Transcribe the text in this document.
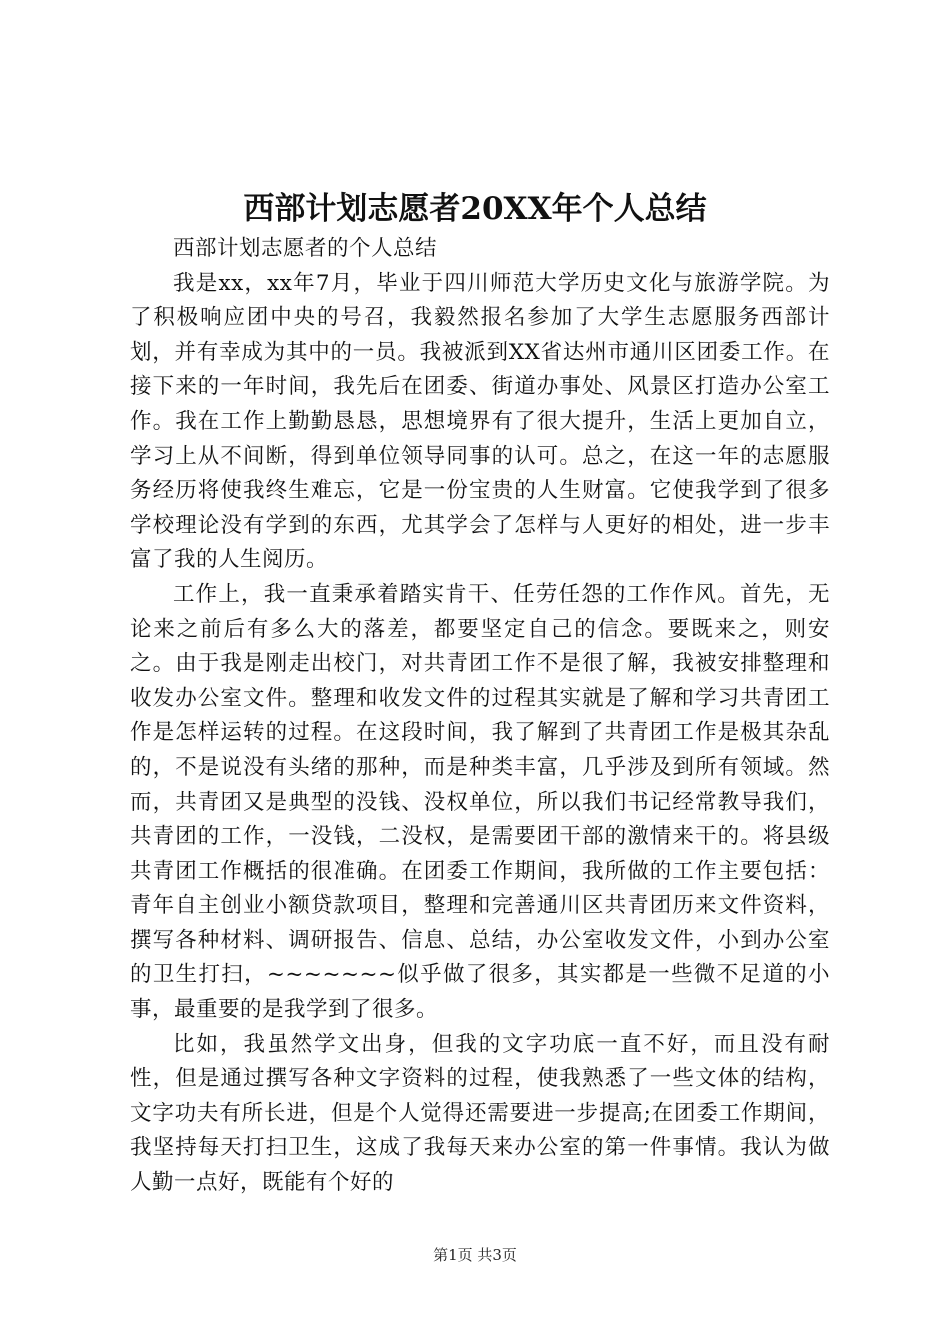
西部计划志愿者20XX年个人总结

西部计划志愿者的个人总结

我是xx，xx年7月，毕业于四川师范大学历史文化与旅游学院。为了积极响应团中央的号召，我毅然报名参加了大学生志愿服务西部计划，并有幸成为其中的一员。我被派到XX省达州市通川区团委工作。在接下来的一年时间，我先后在团委、街道办事处、风景区打造办公室工作。我在工作上勤勤恳恳，思想境界有了很大提升，生活上更加自立，学习上从不间断，得到单位领导同事的认可。总之，在这一年的志愿服务经历将使我终生难忘，它是一份宝贵的人生财富。它使我学到了很多学校理论没有学到的东西，尤其学会了怎样与人更好的相处，进一步丰富了我的人生阅历。

工作上，我一直秉承着踏实肯干、任劳任怨的工作作风。首先，无论来之前后有多么大的落差，都要坚定自己的信念。要既来之，则安之。由于我是刚走出校门，对共青团工作不是很了解，我被安排整理和收发办公室文件。整理和收发文件的过程其实就是了解和学习共青团工作是怎样运转的过程。在这段时间，我了解到了共青团工作是极其杂乱的，不是说没有头绪的那种，而是种类丰富，几乎涉及到所有领域。然而，共青团又是典型的没钱、没权单位，所以我们书记经常教导我们，共青团的工作，一没钱，二没权，是需要团干部的激情来干的。将县级共青团工作概括的很准确。在团委工作期间，我所做的工作主要包括：青年自主创业小额贷款项目，整理和完善通川区共青团历来文件资料，撰写各种材料、调研报告、信息、总结，办公室收发文件，小到办公室的卫生打扫，~~~~~~~似乎做了很多，其实都是一些微不足道的小事，最重要的是我学到了很多。

比如，我虽然学文出身，但我的文字功底一直不好，而且没有耐性，但是通过撰写各种文字资料的过程，使我熟悉了一些文体的结构，文字功夫有所长进，但是个人觉得还需要进一步提高;在团委工作期间，我坚持每天打扫卫生，这成了我每天来办公室的第一件事情。我认为做人勤一点好，既能有个好的

第1页 共3页
